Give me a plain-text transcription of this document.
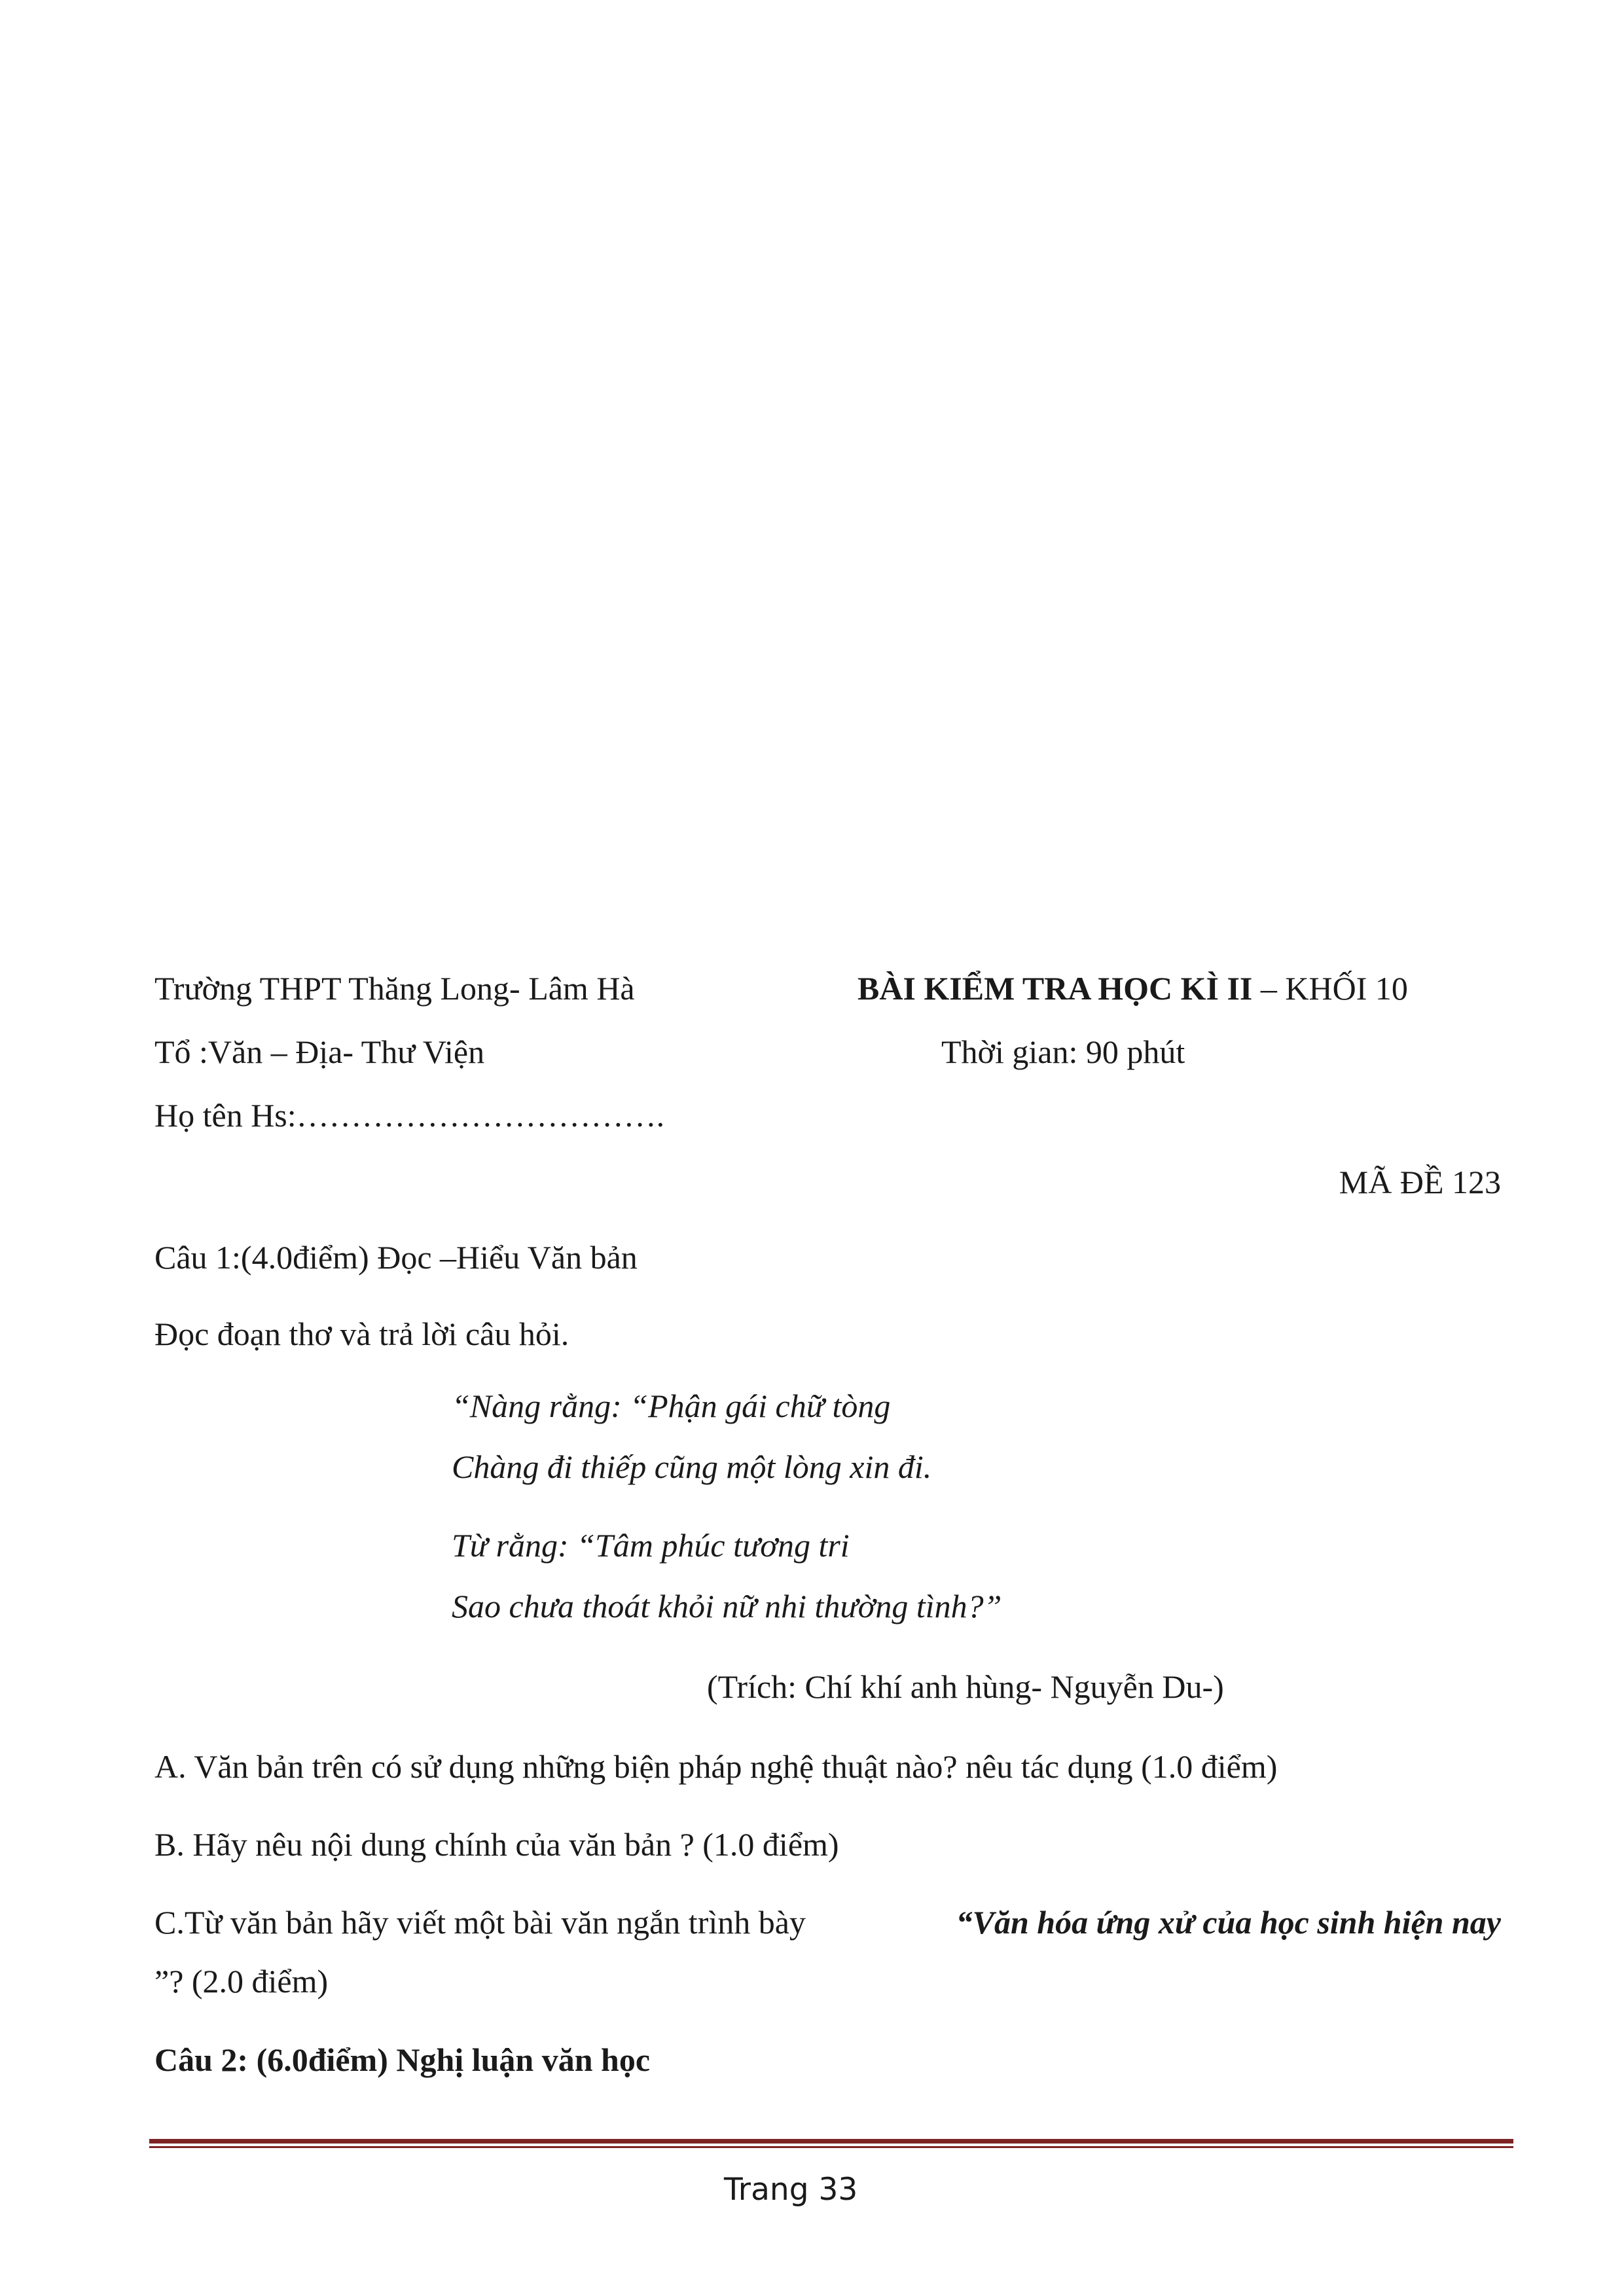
Trường THPT Thăng Long- Lâm Hà	BÀI KIỂM TRA HỌC KÌ II – KHỐI 10
Tổ :Văn – Địa- Thư Viện	Thời gian: 90 phút
Họ tên Hs:…………………………….
MÃ ĐỀ 123
Câu 1:(4.0điểm) Đọc –Hiểu Văn bản
Đọc đoạn thơ và trả lời câu hỏi.
“Nàng rằng: “Phận gái chữ tòng
Chàng đi thiếp cũng một lòng xin đi.
Từ rằng: “Tâm phúc tương tri
Sao chưa thoát khỏi nữ nhi thường tình?”
(Trích: Chí khí anh hùng- Nguyễn Du-)
A. Văn bản trên có sử dụng những biện pháp nghệ thuật nào? nêu tác dụng (1.0 điểm)
B. Hãy nêu nội dung chính của văn bản ? (1.0 điểm)
C.Từ văn bản hãy viết một bài văn ngắn trình bày	“Văn hóa ứng xử của học sinh hiện nay
”? (2.0 điểm)
Câu 2: (6.0điểm) Nghị luận văn học
Trang 33
